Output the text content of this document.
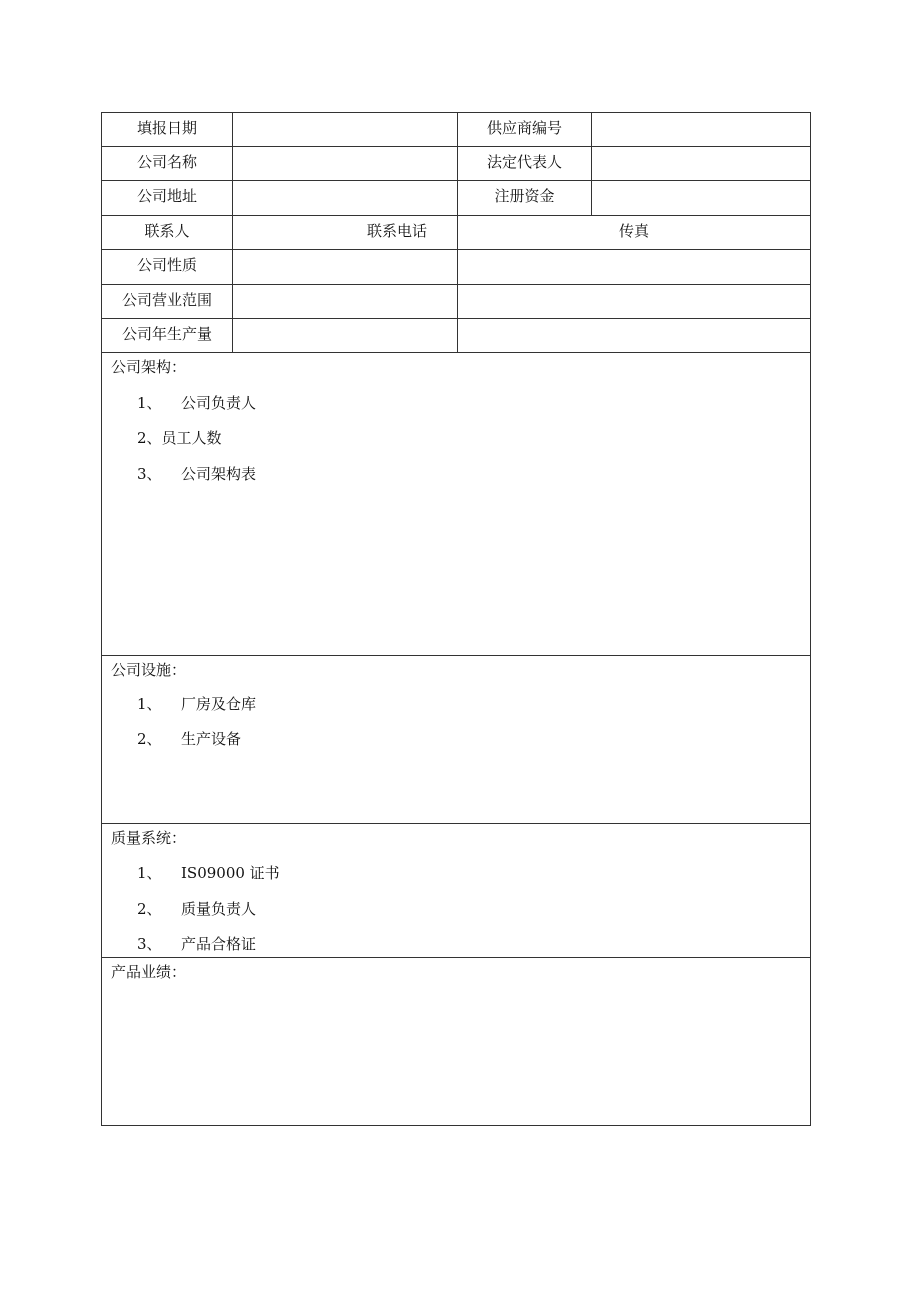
填报日期	供应商编号
公司名称	法定代表人
公司地址	注册资金
联系人	联系电话	传真
公司性质
公司营业范围
公司年生产量
公司架构：
1、 公司负责人
2、员工人数
3、 公司架构表
公司设施：
1、 厂房及仓库
2、 生产设备
质量系统：
1、 IS09000 证书
2、 质量负责人
3、 产品合格证
产品业绩：
